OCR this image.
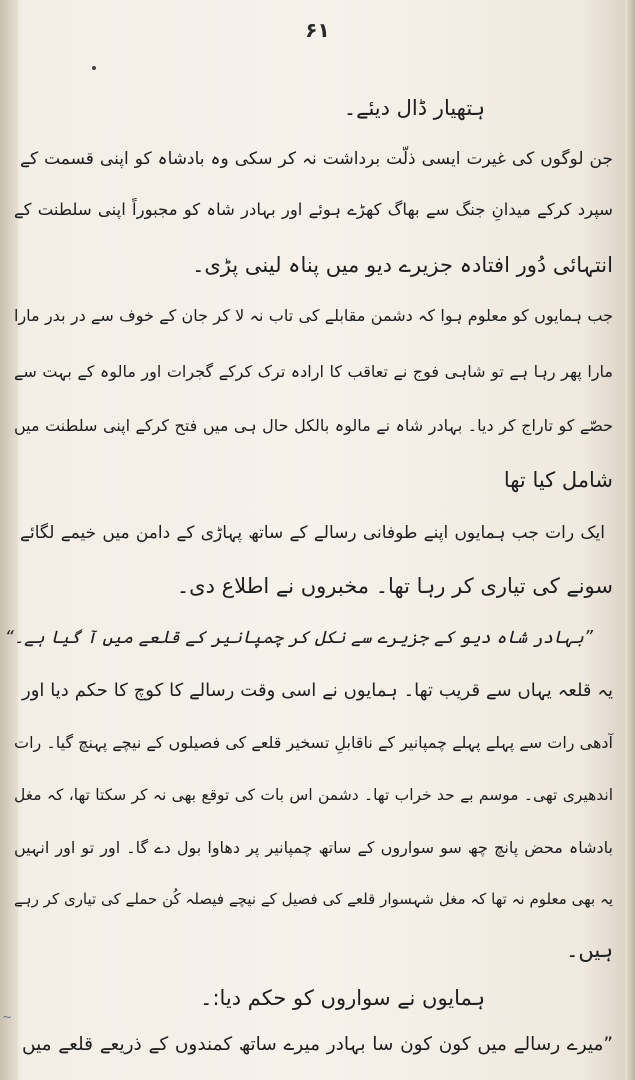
۶۱
ہتھیار ڈال دیئے۔
جن لوگوں کی غیرت ایسی ذلّت برداشت نہ کر سکی وہ بادشاہ کو اپنی قسمت کے
سپرد کرکے میدانِ جنگ سے بھاگ کھڑے ہوئے اور بہادر شاہ کو مجبوراً اپنی سلطنت کے
انتہائی دُور افتادہ جزیرے دیو میں پناہ لینی پڑی۔
جب ہمایوں کو معلوم ہوا کہ دشمن مقابلے کی تاب نہ لا کر جان کے خوف سے در بدر مارا
مارا پھر رہا ہے تو شاہی فوج نے تعاقب کا ارادہ ترک کرکے گجرات اور مالوہ کے بہت سے
حصّے کو تاراج کر دیا۔ بہادر شاہ نے مالوہ بالکل حال ہی میں فتح کرکے اپنی سلطنت میں
شامل کیا تھا
ایک رات جب ہمایوں اپنے طوفانی رسالے کے ساتھ پہاڑی کے دامن میں خیمے لگائے
سونے کی تیاری کر رہا تھا۔ مخبروں نے اطلاع دی۔
”بہادر شاہ دیو کے جزیرے سے نکل کر چمپانیر کے قلعے میں آ گیا ہے۔“
یہ قلعہ یہاں سے قریب تھا۔ ہمایوں نے اسی وقت رسالے کا کوچ کا حکم دیا اور
آدھی رات سے پہلے پہلے چمپانیر کے ناقابلِ تسخیر قلعے کی فصیلوں کے نیچے پہنچ گیا۔ رات
اندھیری تھی۔ موسم بے حد خراب تھا۔ دشمن اس بات کی توقع بھی نہ کر سکتا تھا، کہ مغل
بادشاہ محض پانچ چھ سو سواروں کے ساتھ چمپانیر پر دھاوا بول دے گا۔ اور تو اور انہیں
یہ بھی معلوم نہ تھا کہ مغل شہسوار قلعے کی فصیل کے نیچے فیصلہ کُن حملے کی تیاری کر رہے
ہیں۔
ہمایوں نے سواروں کو حکم دیا:۔
”میرے رسالے میں کون کون سا بہادر میرے ساتھ کمندوں کے ذریعے قلعے میں
~
